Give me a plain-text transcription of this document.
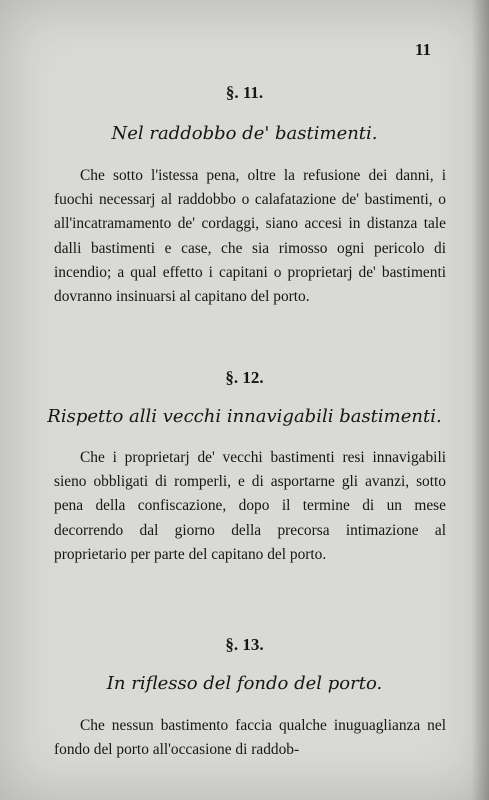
11
§. 11.
Nel raddobbo de' bastimenti.
Che sotto l'istessa pena, oltre la refusione dei danni, i fuochi necessarj al raddobbo o calafatazione de' bastimenti, o all'incatramamento de' cordaggi, siano accesi in distanza tale dalli bastimenti e case, che sia rimosso ogni pericolo di incendio; a qual effetto i capitani o proprietarj de' bastimenti dovranno insinuarsi al capitano del porto.
§. 12.
Rispetto alli vecchi innavigabili bastimenti.
Che i proprietarj de' vecchi bastimenti resi innavigabili sieno obbligati di romperli, e di asportarne gli avanzi, sotto pena della confiscazione, dopo il termine di un mese decorrendo dal giorno della precorsa intimazione al proprietario per parte del capitano del porto.
§. 13.
In riflesso del fondo del porto.
Che nessun bastimento faccia qualche inuguaglianza nel fondo del porto all'occasione di raddob-
